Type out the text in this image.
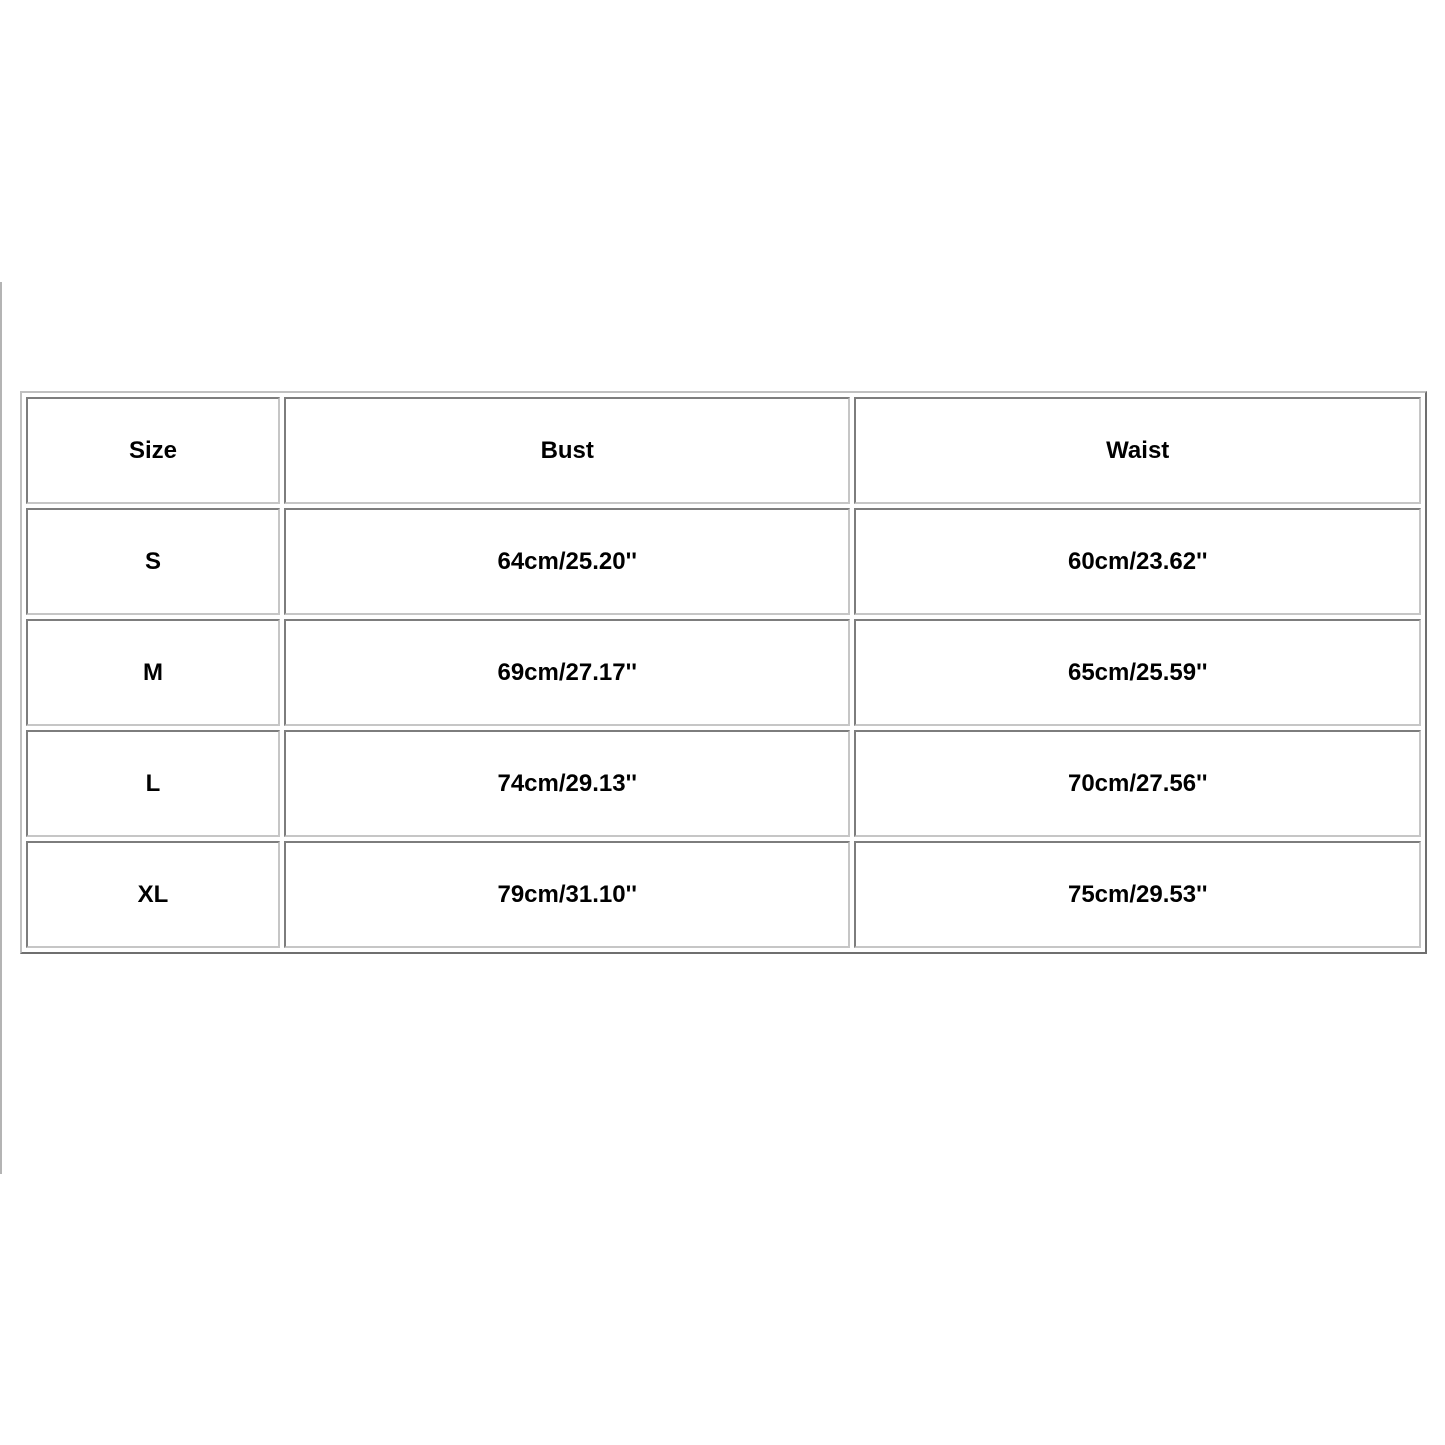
Size	Bust	Waist
S	64cm/25.20''	60cm/23.62''
M	69cm/27.17''	65cm/25.59''
L	74cm/29.13''	70cm/27.56''
XL	79cm/31.10''	75cm/29.53''
